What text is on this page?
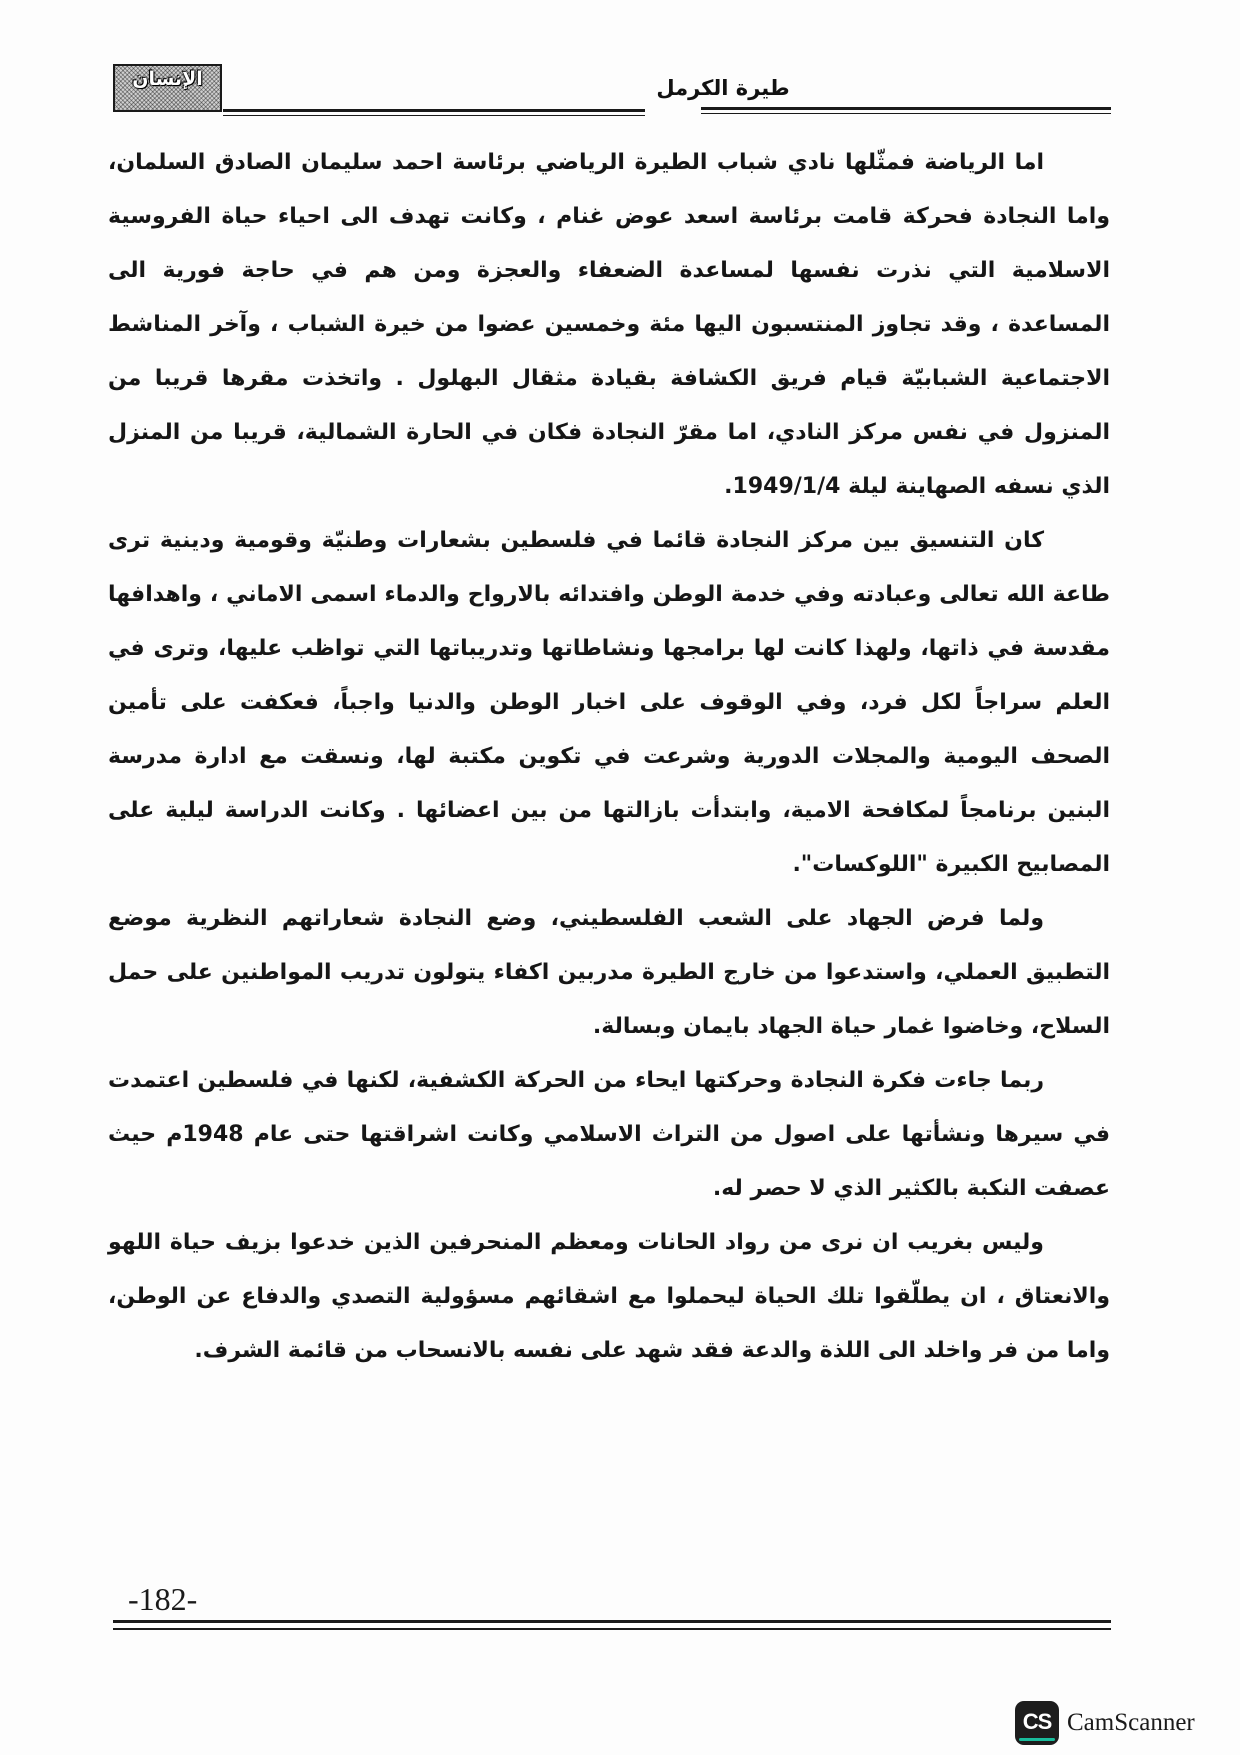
الإنسان	طيرة الكرمل

اما الرياضة فمثّلها نادي شباب الطيرة الرياضي برئاسة احمد سليمان الصادق السلمان، واما النجادة فحركة قامت برئاسة اسعد عوض غنام ، وكانت تهدف الى احياء حياة الفروسية الاسلامية التي نذرت نفسها لمساعدة الضعفاء والعجزة ومن هم في حاجة فورية الى المساعدة ، وقد تجاوز المنتسبون اليها مئة وخمسين عضوا من خيرة الشباب ، وآخر المناشط الاجتماعية الشبابيّة قيام فريق الكشافة بقيادة مثقال البهلول . واتخذت مقرها قريبا من المنزول في نفس مركز النادي، اما مقرّ النجادة فكان في الحارة الشمالية، قريبا من المنزل الذي نسفه الصهاينة ليلة 1949/1/4.

كان التنسيق بين مركز النجادة قائما في فلسطين بشعارات وطنيّة وقومية ودينية ترى طاعة الله تعالى وعبادته وفي خدمة الوطن وافتدائه بالارواح والدماء اسمى الاماني ، واهدافها مقدسة في ذاتها، ولهذا كانت لها برامجها ونشاطاتها وتدريباتها التي تواظب عليها، وترى في العلم سراجاً لكل فرد، وفي الوقوف على اخبار الوطن والدنيا واجباً، فعكفت على تأمين الصحف اليومية والمجلات الدورية وشرعت في تكوين مكتبة لها، ونسقت مع ادارة مدرسة البنين برنامجاً لمكافحة الامية، وابتدأت بازالتها من بين اعضائها . وكانت الدراسة ليلية على المصابيح الكبيرة "اللوكسات".

ولما فرض الجهاد على الشعب الفلسطيني، وضع النجادة شعاراتهم النظرية موضع التطبيق العملي، واستدعوا من خارج الطيرة مدربين اكفاء يتولون تدريب المواطنين على حمل السلاح، وخاضوا غمار حياة الجهاد بايمان وبسالة.

ربما جاءت فكرة النجادة وحركتها ايحاء من الحركة الكشفية، لكنها في فلسطين اعتمدت في سيرها ونشأتها على اصول من التراث الاسلامي وكانت اشراقتها حتى عام 1948م حيث عصفت النكبة بالكثير الذي لا حصر له.

وليس بغريب ان نرى من رواد الحانات ومعظم المنحرفين الذين خدعوا بزيف حياة اللهو والانعتاق ، ان يطلّقوا تلك الحياة ليحملوا مع اشقائهم مسؤولية التصدي والدفاع عن الوطن، واما من فر واخلد الى اللذة والدعة فقد شهد على نفسه بالانسحاب من قائمة الشرف.

-182-
CS CamScanner
